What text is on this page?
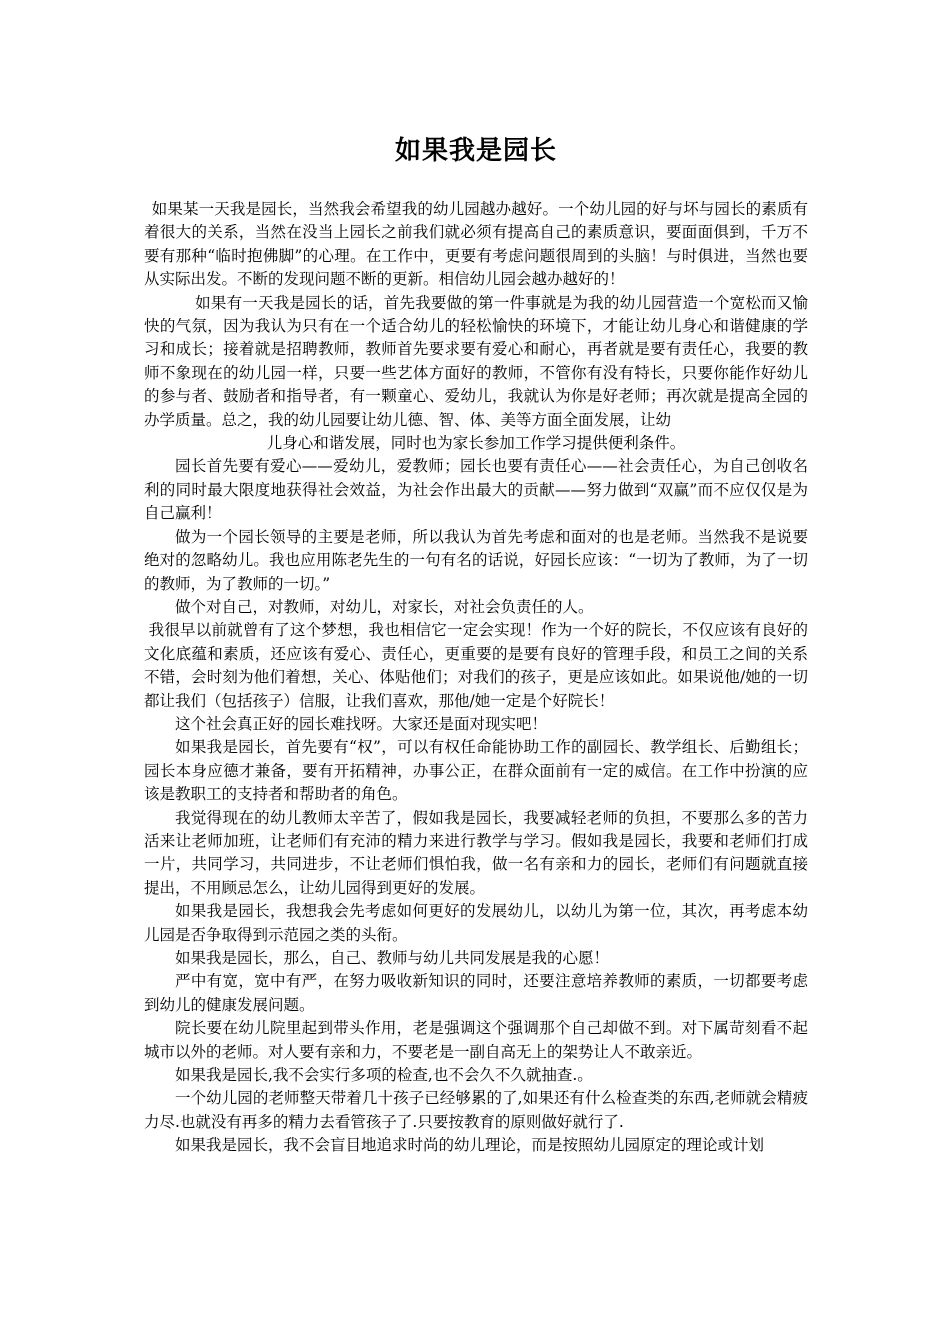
如果我是园长

如果某一天我是园长，当然我会希望我的幼儿园越办越好。一个幼儿园的好与坏与园长的素质有着很大的关系，当然在没当上园长之前我们就必须有提高自己的素质意识，要面面俱到，千万不要有那种“临时抱佛脚”的心理。在工作中，更要有考虑问题很周到的头脑！与时俱进，当然也要从实际出发。不断的发现问题不断的更新。相信幼儿园会越办越好的！

如果有一天我是园长的话，首先我要做的第一件事就是为我的幼儿园营造一个宽松而又愉快的气氛，因为我认为只有在一个适合幼儿的轻松愉快的环境下，才能让幼儿身心和谐健康的学习和成长；接着就是招聘教师，教师首先要求要有爱心和耐心，再者就是要有责任心，我要的教师不象现在的幼儿园一样，只要一些艺体方面好的教师，不管你有没有特长，只要你能作好幼儿的参与者、鼓励者和指导者，有一颗童心、爱幼儿，我就认为你是好老师；再次就是提高全园的办学质量。总之，我的幼儿园要让幼儿德、智、体、美等方面全面发展，让幼

儿身心和谐发展，同时也为家长参加工作学习提供便利条件。

园长首先要有爱心——爱幼儿，爱教师；园长也要有责任心——社会责任心，为自己创收名利的同时最大限度地获得社会效益，为社会作出最大的贡献——努力做到“双赢”而不应仅仅是为自己赢利！

做为一个园长领导的主要是老师，所以我认为首先考虑和面对的也是老师。当然我不是说要绝对的忽略幼儿。我也应用陈老先生的一句有名的话说，好园长应该：“一切为了教师，为了一切的教师，为了教师的一切。”

做个对自己，对教师，对幼儿，对家长，对社会负责任的人。

我很早以前就曾有了这个梦想，我也相信它一定会实现！作为一个好的院长，不仅应该有良好的文化底蕴和素质，还应该有爱心、责任心，更重要的是要有良好的管理手段，和员工之间的关系不错，会时刻为他们着想，关心、体贴他们；对我们的孩子，更是应该如此。如果说他/她的一切都让我们（包括孩子）信服，让我们喜欢，那他/她一定是个好院长！

这个社会真正好的园长难找呀。大家还是面对现实吧！

如果我是园长，首先要有“权”，可以有权任命能协助工作的副园长、教学组长、后勤组长；园长本身应德才兼备，要有开拓精神，办事公正，在群众面前有一定的威信。在工作中扮演的应该是教职工的支持者和帮助者的角色。

我觉得现在的幼儿教师太辛苦了，假如我是园长，我要减轻老师的负担，不要那么多的苦力活来让老师加班，让老师们有充沛的精力来进行教学与学习。假如我是园长，我要和老师们打成一片，共同学习，共同进步，不让老师们惧怕我，做一名有亲和力的园长，老师们有问题就直接提出，不用顾忌怎么，让幼儿园得到更好的发展。

如果我是园长，我想我会先考虑如何更好的发展幼儿，以幼儿为第一位，其次，再考虑本幼儿园是否争取得到示范园之类的头衔。

如果我是园长，那么，自己、教师与幼儿共同发展是我的心愿！

严中有宽，宽中有严，在努力吸收新知识的同时，还要注意培养教师的素质，一切都要考虑到幼儿的健康发展问题。

院长要在幼儿院里起到带头作用，老是强调这个强调那个自己却做不到。对下属苛刻看不起城市以外的老师。对人要有亲和力，不要老是一副自高无上的架势让人不敢亲近。

如果我是园长,我不会实行多项的检查,也不会久不久就抽查.。

一个幼儿园的老师整天带着几十孩子已经够累的了,如果还有什么检查类的东西,老师就会精疲力尽.也就没有再多的精力去看管孩子了.只要按教育的原则做好就行了.

如果我是园长，我不会盲目地追求时尚的幼儿理论，而是按照幼儿园原定的理论或计划
